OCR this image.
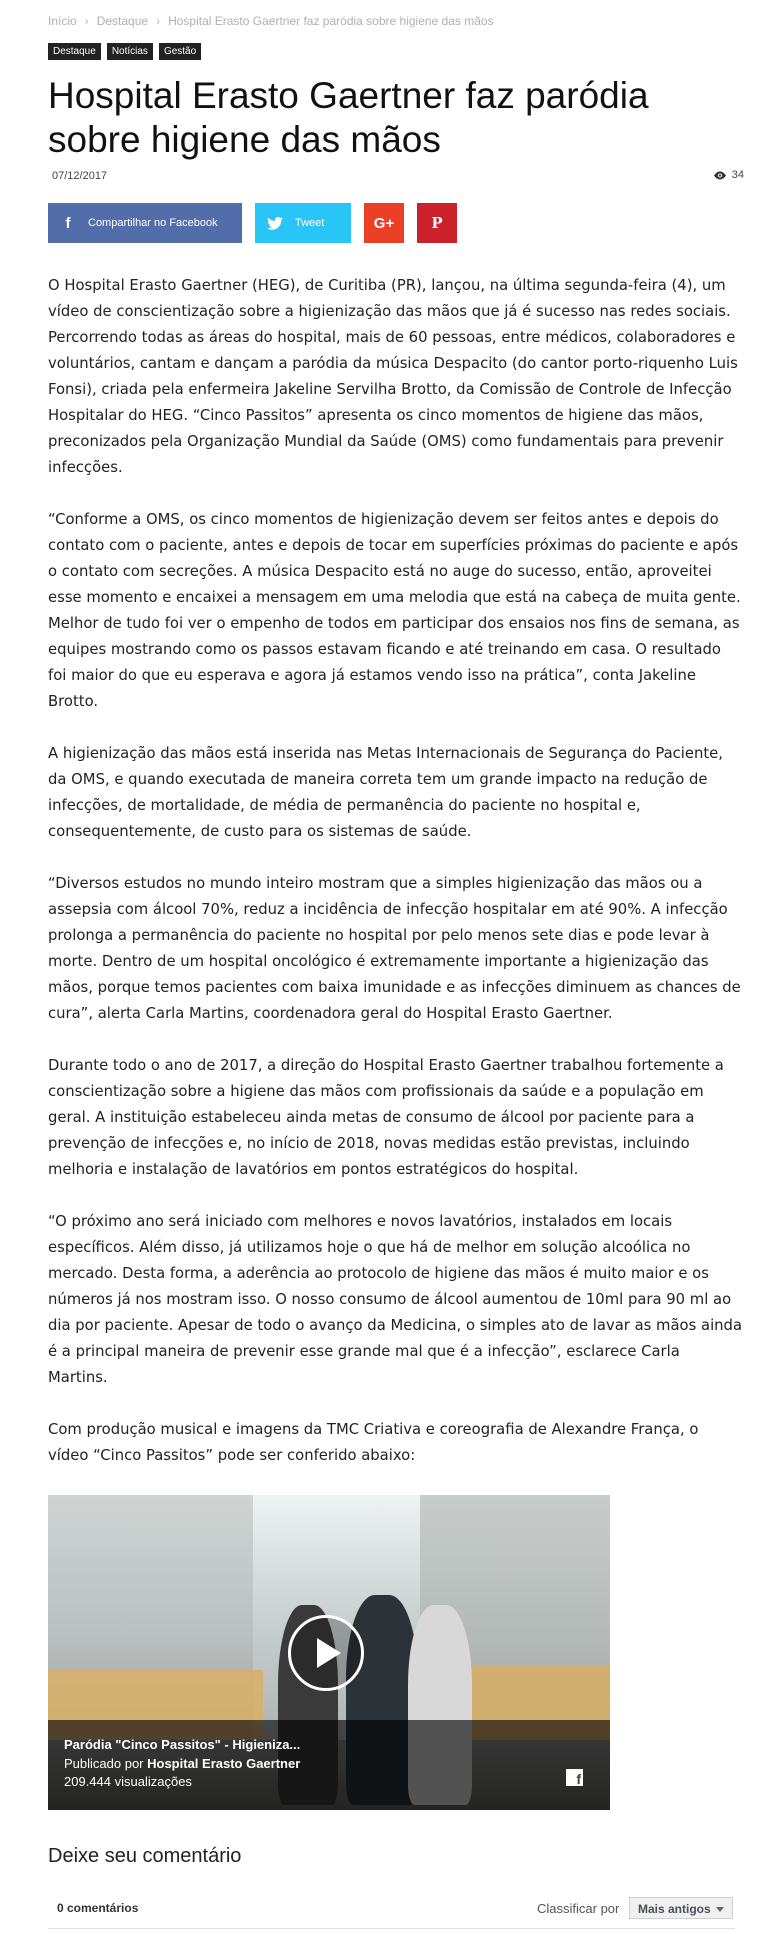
Início › Destaque › Hospital Erasto Gaertner faz paródia sobre higiene das mãos
Destaque	Notícias	Gestão
Hospital Erasto Gaertner faz paródia sobre higiene das mãos
07/12/2017	34
f	Compartilhar no Facebook	Tweet	G+ P

O Hospital Erasto Gaertner (HEG), de Curitiba (PR), lançou, na última segunda-feira (4), um vídeo de conscientização sobre a higienização das mãos que já é sucesso nas redes sociais. Percorrendo todas as áreas do hospital, mais de 60 pessoas, entre médicos, colaboradores e voluntários, cantam e dançam a paródia da música Despacito (do cantor porto-riquenho Luis Fonsi), criada pela enfermeira Jakeline Servilha Brotto, da Comissão de Controle de Infecção Hospitalar do HEG. “Cinco Passitos” apresenta os cinco momentos de higiene das mãos, preconizados pela Organização Mundial da Saúde (OMS) como fundamentais para prevenir infecções.

“Conforme a OMS, os cinco momentos de higienização devem ser feitos antes e depois do contato com o paciente, antes e depois de tocar em superfícies próximas do paciente e após o contato com secreções. A música Despacito está no auge do sucesso, então, aproveitei esse momento e encaixei a mensagem em uma melodia que está na cabeça de muita gente. Melhor de tudo foi ver o empenho de todos em participar dos ensaios nos fins de semana, as equipes mostrando como os passos estavam ficando e até treinando em casa. O resultado foi maior do que eu esperava e agora já estamos vendo isso na prática”, conta Jakeline Brotto.

A higienização das mãos está inserida nas Metas Internacionais de Segurança do Paciente, da OMS, e quando executada de maneira correta tem um grande impacto na redução de infecções, de mortalidade, de média de permanência do paciente no hospital e, consequentemente, de custo para os sistemas de saúde.

“Diversos estudos no mundo inteiro mostram que a simples higienização das mãos ou a assepsia com álcool 70%, reduz a incidência de infecção hospitalar em até 90%. A infecção prolonga a permanência do paciente no hospital por pelo menos sete dias e pode levar à morte. Dentro de um hospital oncológico é extremamente importante a higienização das mãos, porque temos pacientes com baixa imunidade e as infecções diminuem as chances de cura”, alerta Carla Martins, coordenadora geral do Hospital Erasto Gaertner.

Durante todo o ano de 2017, a direção do Hospital Erasto Gaertner trabalhou fortemente a conscientização sobre a higiene das mãos com profissionais da saúde e a população em geral. A instituição estabeleceu ainda metas de consumo de álcool por paciente para a prevenção de infecções e, no início de 2018, novas medidas estão previstas, incluindo melhoria e instalação de lavatórios em pontos estratégicos do hospital.

“O próximo ano será iniciado com melhores e novos lavatórios, instalados em locais específicos. Além disso, já utilizamos hoje o que há de melhor em solução alcoólica no mercado. Desta forma, a aderência ao protocolo de higiene das mãos é muito maior e os números já nos mostram isso. O nosso consumo de álcool aumentou de 10ml para 90 ml ao dia por paciente. Apesar de todo o avanço da Medicina, o simples ato de lavar as mãos ainda é a principal maneira de prevenir esse grande mal que é a infecção”, esclarece Carla Martins.

Com produção musical e imagens da TMC Criativa e coreografia de Alexandre França, o vídeo “Cinco Passitos” pode ser conferido abaixo:

Paródia "Cinco Passitos" - Higieniza...
Publicado por Hospital Erasto Gaertner
209.444 visualizações	f
Deixe seu comentário
0 comentários	Classificar por	Mais antigos
